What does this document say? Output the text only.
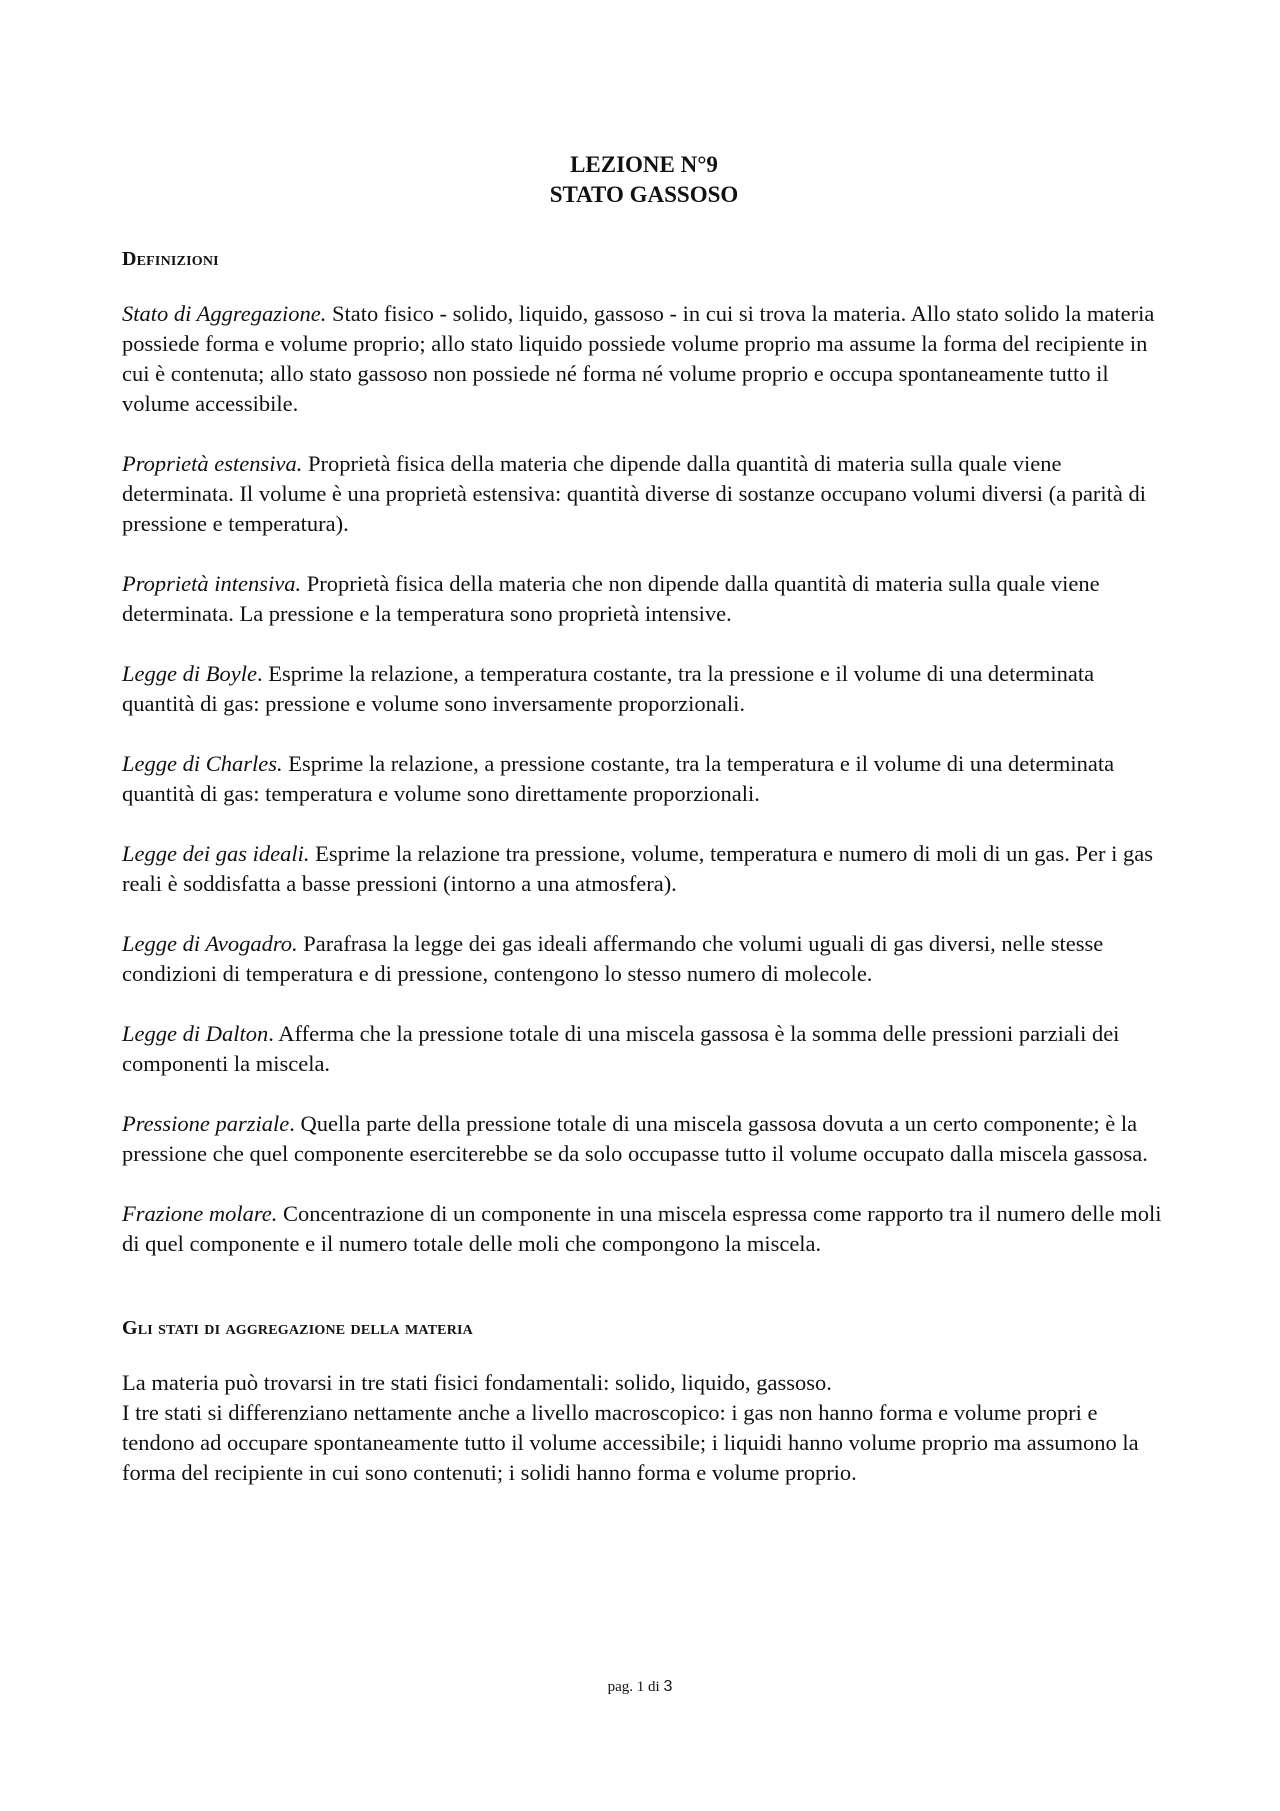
LEZIONE N°9
STATO GASSOSO
Definizioni

Stato di Aggregazione. Stato fisico - solido, liquido, gassoso - in cui si trova la materia. Allo stato solido la materia possiede forma e volume proprio; allo stato liquido possiede volume proprio ma assume la forma del recipiente in cui è contenuta; allo stato gassoso non possiede né forma né volume proprio e occupa spontaneamente tutto il volume accessibile.

Proprietà estensiva. Proprietà fisica della materia che dipende dalla quantità di materia sulla quale viene determinata. Il volume è una proprietà estensiva: quantità diverse di sostanze occupano volumi diversi (a parità di pressione e temperatura).

Proprietà intensiva. Proprietà fisica della materia che non dipende dalla quantità di materia sulla quale viene determinata. La pressione e la temperatura sono proprietà intensive.

Legge di Boyle. Esprime la relazione, a temperatura costante, tra la pressione e il volume di una determinata quantità di gas: pressione e volume sono inversamente proporzionali.

Legge di Charles. Esprime la relazione, a pressione costante, tra la temperatura e il volume di una determinata quantità di gas: temperatura e volume sono direttamente proporzionali.

Legge dei gas ideali. Esprime la relazione tra pressione, volume, temperatura e numero di moli di un gas. Per i gas reali è soddisfatta a basse pressioni (intorno a una atmosfera).

Legge di Avogadro. Parafrasa la legge dei gas ideali affermando che volumi uguali di gas diversi, nelle stesse condizioni di temperatura e di pressione, contengono lo stesso numero di molecole.

Legge di Dalton. Afferma che la pressione totale di una miscela gassosa è la somma delle pressioni parziali dei componenti la miscela.

Pressione parziale. Quella parte della pressione totale di una miscela gassosa dovuta a un certo componente; è la pressione che quel componente eserciterebbe se da solo occupasse tutto il volume occupato dalla miscela gassosa.

Frazione molare. Concentrazione di un componente in una miscela espressa come rapporto tra il numero delle moli di quel componente e il numero totale delle moli che compongono la miscela.

Gli stati di aggregazione della materia

La materia può trovarsi in tre stati fisici fondamentali: solido, liquido, gassoso.

I tre stati si differenziano nettamente anche a livello macroscopico: i gas non hanno forma e volume propri e tendono ad occupare spontaneamente tutto il volume accessibile; i liquidi hanno volume proprio ma assumono la forma del recipiente in cui sono contenuti; i solidi hanno forma e volume proprio.

pag. 1 di 3
